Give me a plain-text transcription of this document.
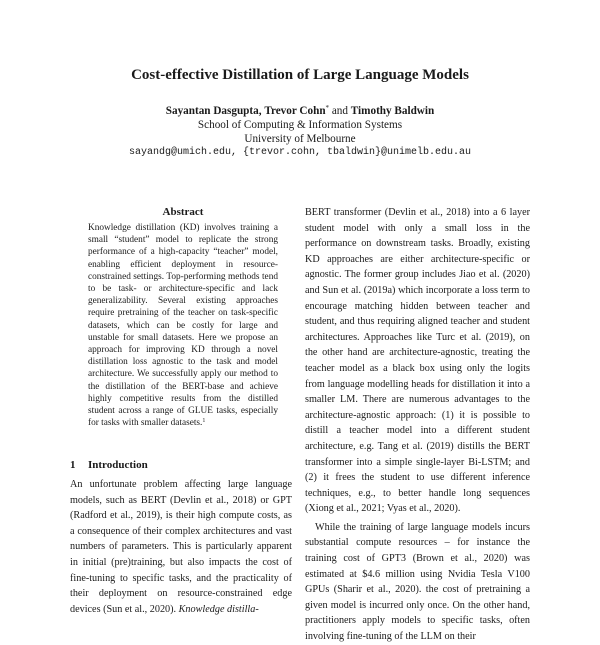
Cost-effective Distillation of Large Language Models
Sayantan Dasgupta, Trevor Cohn* and Timothy Baldwin
School of Computing & Information Systems
University of Melbourne
sayandg@umich.edu, {trevor.cohn, tbaldwin}@unimelb.edu.au
Abstract

Knowledge distillation (KD) involves training a small “student” model to replicate the strong performance of a high-capacity “teacher” model, enabling efficient deployment in resource-constrained settings. Top-performing methods tend to be task- or architecture-specific and lack generalizability. Several existing approaches require pretraining of the teacher on task-specific datasets, which can be costly for large and unstable for small datasets. Here we propose an approach for improving KD through a novel distillation loss agnostic to the task and model architecture. We successfully apply our method to the distillation of the BERT-base and achieve highly competitive results from the distilled student across a range of GLUE tasks, especially for tasks with smaller datasets.$^1$

1 Introduction

An unfortunate problem affecting large language models, such as BERT (Devlin et al., 2018) or GPT (Radford et al., 2019), is their high compute costs, as a consequence of their complex architectures and vast numbers of parameters. This is particularly apparent in initial (pre)training, but also impacts the cost of fine-tuning to specific tasks, and the practicality of their deployment on resource-constrained edge devices (Sun et al., 2020). Knowledge distilla-

BERT transformer (Devlin et al., 2018) into a 6 layer student model with only a small loss in the performance on downstream tasks. Broadly, existing KD approaches are either architecture-specific or agnostic. The former group includes Jiao et al. (2020) and Sun et al. (2019a) which incorporate a loss term to encourage matching hidden between teacher and student, and thus requiring aligned teacher and student architectures. Approaches like Turc et al. (2019), on the other hand are architecture-agnostic, treating the teacher model as a black box using only the logits from language modelling heads for distillation it into a smaller LM. There are numerous advantages to the architecture-agnostic approach: (1) it is possible to distill a teacher model into a different student architecture, e.g. Tang et al. (2019) distills the BERT transformer into a simple single-layer Bi-LSTM; and (2) it frees the student to use different inference techniques, e.g., to better handle long sequences (Xiong et al., 2021; Vyas et al., 2020).

While the training of large language models incurs substantial compute resources – for instance the training cost of GPT3 (Brown et al., 2020) was estimated at $4.6 million using Nvidia Tesla V100 GPUs (Sharir et al., 2020). the cost of pretraining a given model is incurred only once. On the other hand, practitioners apply models to specific tasks, often involving fine-tuning of the LLM on their
